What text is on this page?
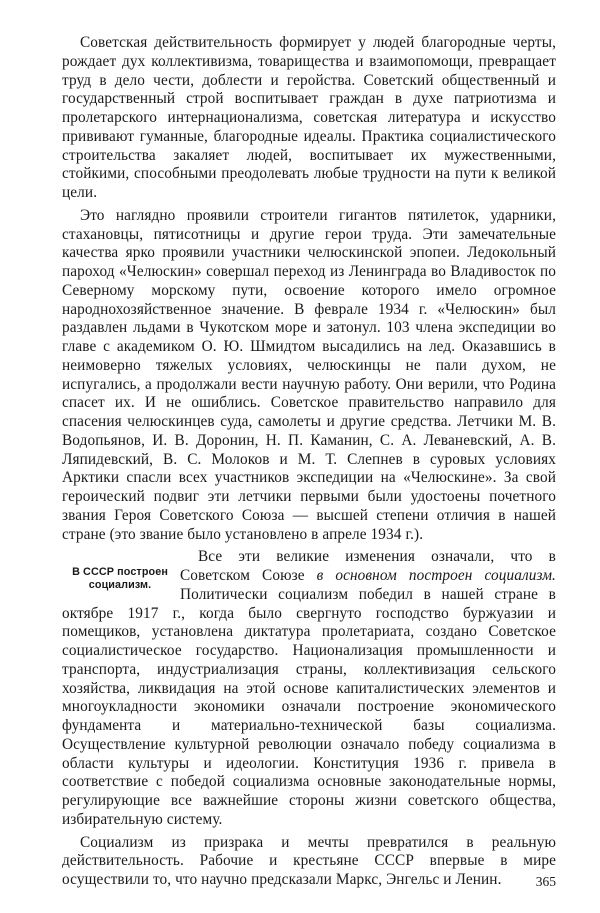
Советская действительность формирует у людей благородные черты, рождает дух коллективизма, товарищества и взаимопомощи, превращает труд в дело чести, доблести и геройства. Советский общественный и государственный строй воспитывает граждан в духе патриотизма и пролетарского интернационализма, советская литература и искусство прививают гуманные, благородные идеалы. Практика социалистического строительства закаляет людей, воспитывает их мужественными, стойкими, способными преодолевать любые трудности на пути к великой цели.

Это наглядно проявили строители гигантов пятилеток, ударники, стахановцы, пятисотницы и другие герои труда. Эти замечательные качества ярко проявили участники челюскинской эпопеи. Ледокольный пароход «Челюскин» совершал переход из Ленинграда во Владивосток по Северному морскому пути, освоение которого имело огромное народнохозяйственное значение. В феврале 1934 г. «Челюскин» был раздавлен льдами в Чукотском море и затонул. 103 члена экспедиции во главе с академиком О. Ю. Шмидтом высадились на лед. Оказавшись в неимоверно тяжелых условиях, челюскинцы не пали духом, не испугались, а продолжали вести научную работу. Они верили, что Родина спасет их. И не ошиблись. Советское правительство направило для спасения челюскинцев суда, самолеты и другие средства. Летчики М. В. Водопьянов, И. В. Доронин, Н. П. Каманин, С. А. Леваневский, А. В. Ляпидевский, В. С. Молоков и М. Т. Слепнев в суровых условиях Арктики спасли всех участников экспедиции на «Челюскине». За свой героический подвиг эти летчики первыми были удостоены почетного звания Героя Советского Союза — высшей степени отличия в нашей стране (это звание было установлено в апреле 1934 г.).

В СССР построен
социализм.
Все эти великие изменения означали, что в Советском Союзе в основном построен социализм. Политически социализм победил в нашей стране в октябре 1917 г., когда было свергнуто господство буржуазии и помещиков, установлена диктатура пролетариата, создано Советское социалистическое государство. Национализация промышленности и транспорта, индустриализация страны, коллективизация сельского хозяйства, ликвидация на этой основе капиталистических элементов и многоукладности экономики означали построение экономического фундамента и материально-технической базы социализма. Осуществление культурной революции означало победу социализма в области культуры и идеологии. Конституция 1936 г. привела в соответствие с победой социализма основные законодательные нормы, регулирующие все важнейшие стороны жизни советского общества, избирательную систему.

Социализм из призрака и мечты превратился в реальную действительность. Рабочие и крестьяне СССР впервые в мире осуществили то, что научно предсказали Маркс, Энгельс и Ленин.	365
